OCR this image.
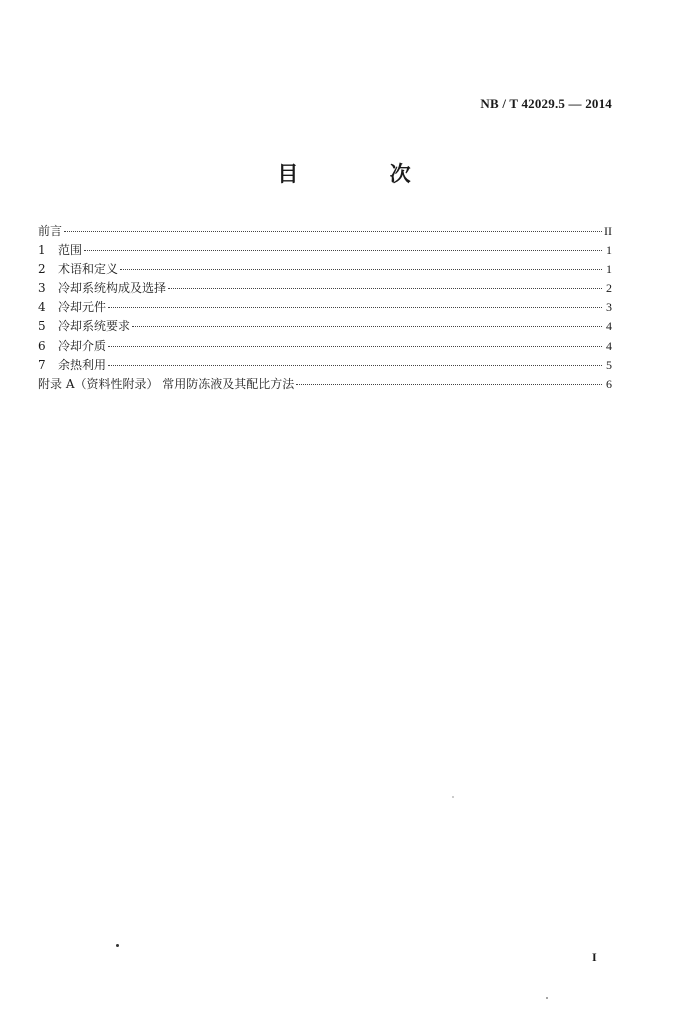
NB / T 42029.5 — 2014
目 次
前言	II
1	范围	1
2	术语和定义	1
3	冷却系统构成及选择	2
4	冷却元件	3
5	冷却系统要求	4
6	冷却介质	4
7	余热利用	5
附录 A（资料性附录） 常用防冻液及其配比方法	6
I
